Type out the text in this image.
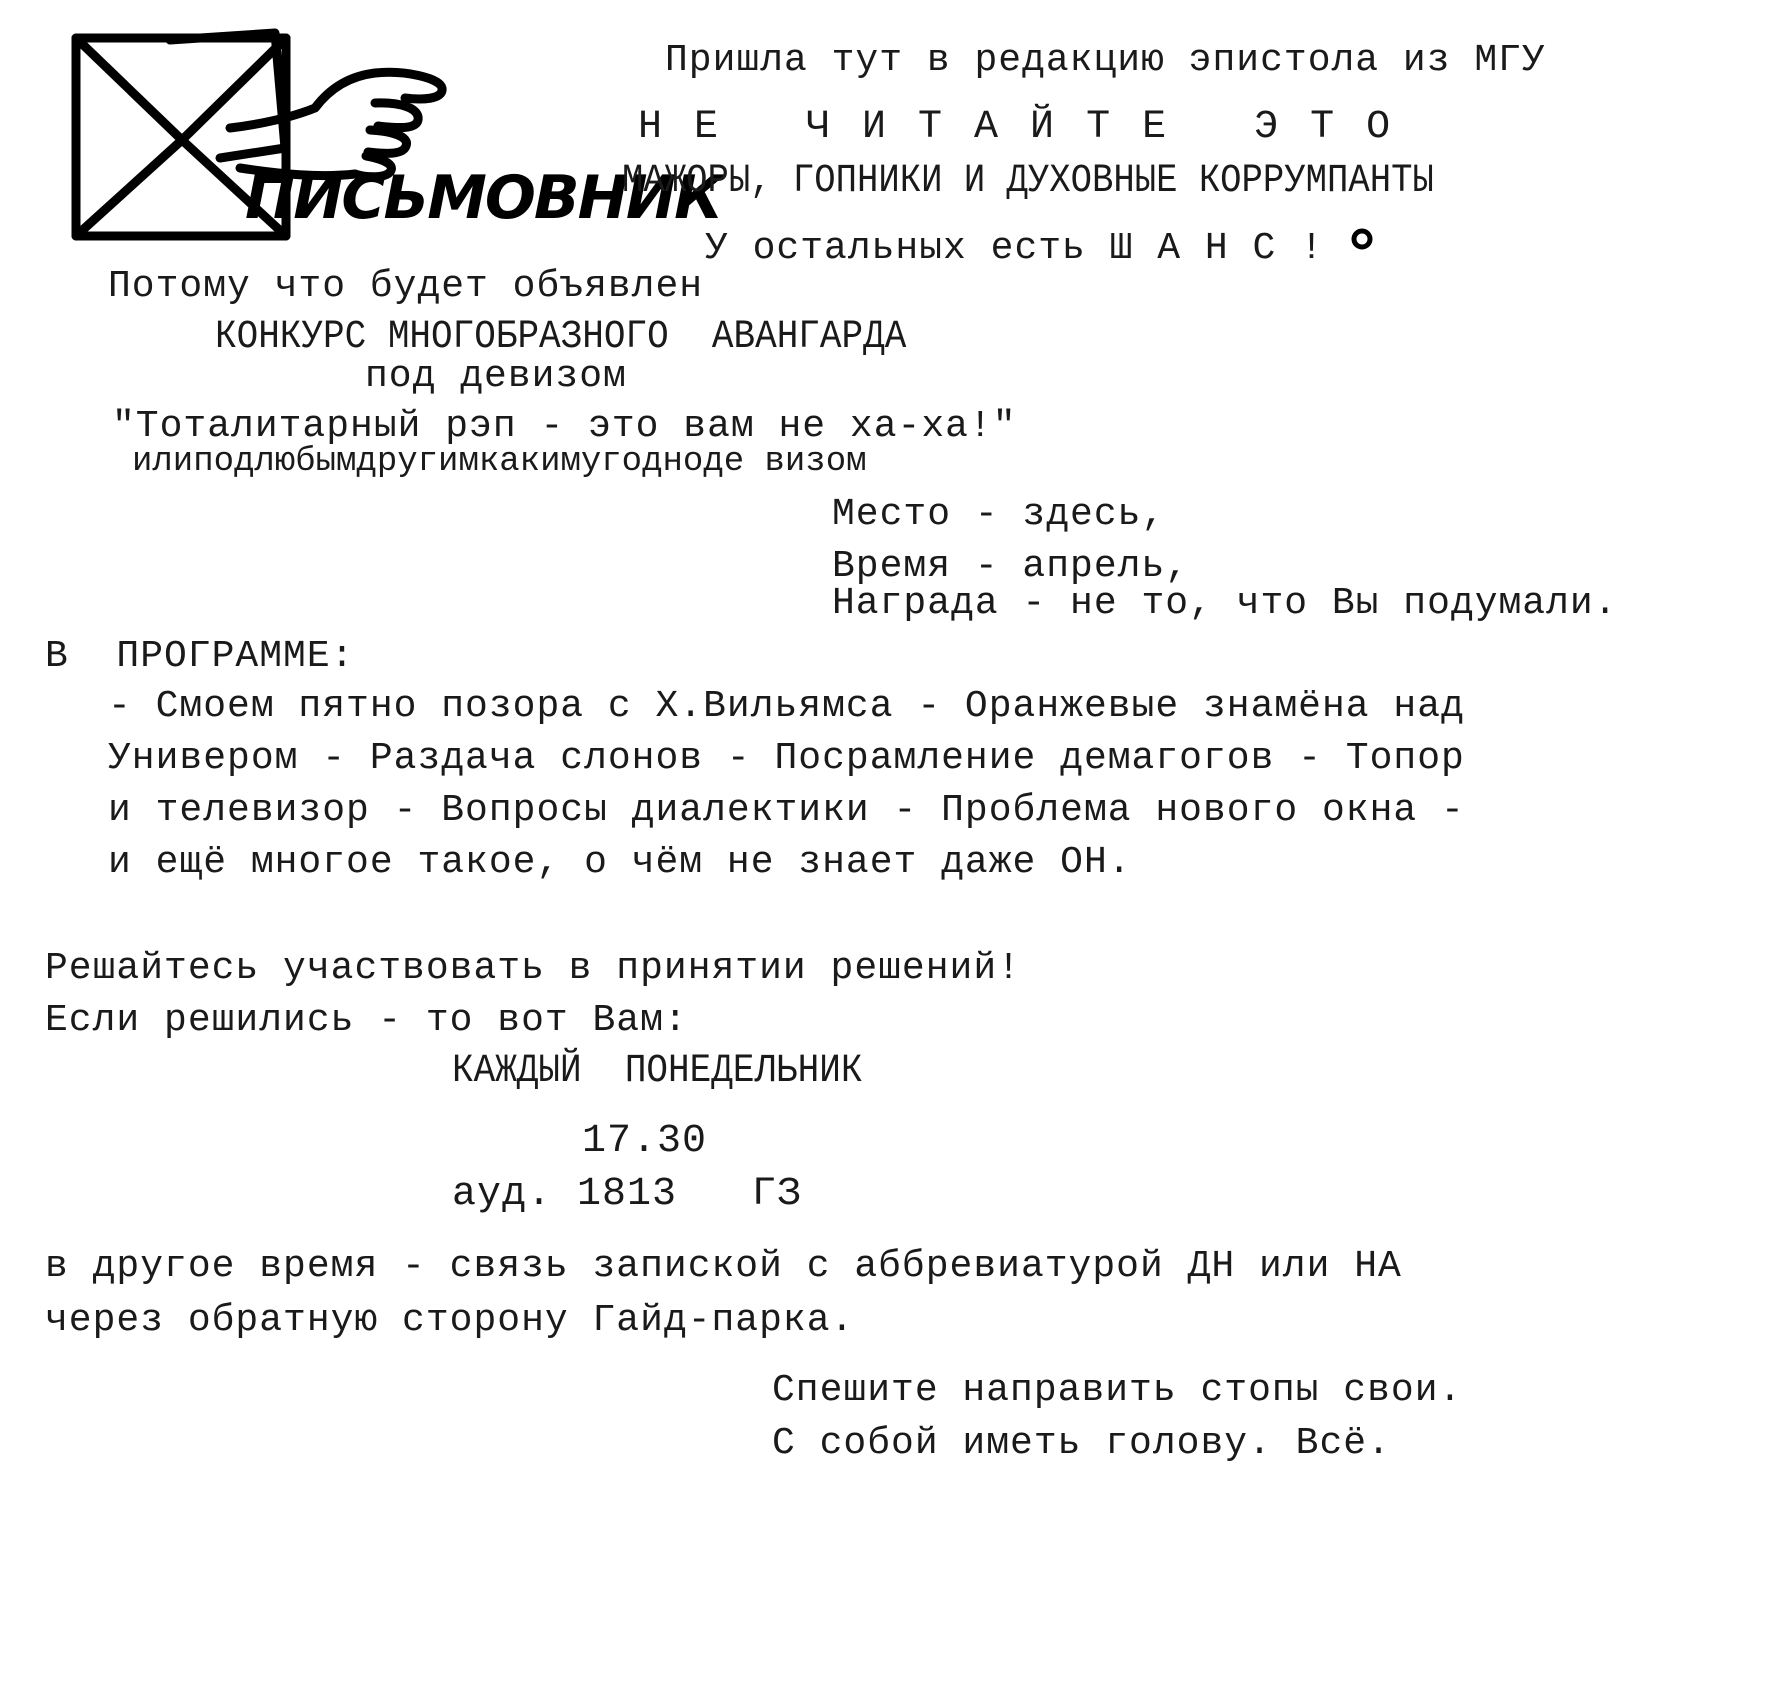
ПИСЬМОВНИК

Пришла тут в редакцию эпистола из МГУ
Н Е   Ч И Т А Й Т Е   Э Т О
МАЖОРЫ, ГОПНИКИ И ДУХОВНЫЕ КОРРУМПАНТЫ

У остальных есть Ш А Н С !
Потому что будет объявлен
КОНКУРС МНОГОБРАЗНОГО  АВАНГАРДА
под девизом
"Тоталитарный рэп - это вам не ха-ха!"
илиподлюбымдругимкакимугодноде визом
Место - здесь,
Время - апрель,
Награда - не то, что Вы подумали.
В  ПРОГРАММЕ:
- Смоем пятно позора с Х.Вильямса - Оранжевые знамёна над
Универом - Раздача слонов - Посрамление демагогов - Топор
и телевизор - Вопросы диалектики - Проблема нового окна -
и ещё многое такое, о чём не знает даже ОН.
Решайтесь участвовать в принятии решений!
Если решились - то вот Вам:
КАЖДЫЙ  ПОНЕДЕЛЬНИК
17.30
ауд. 1813   ГЗ
в другое время - связь запиской с аббревиатурой ДН или НА
через обратную сторону Гайд-парка.
Спешите направить стопы свои.
С собой иметь голову. Всё.
